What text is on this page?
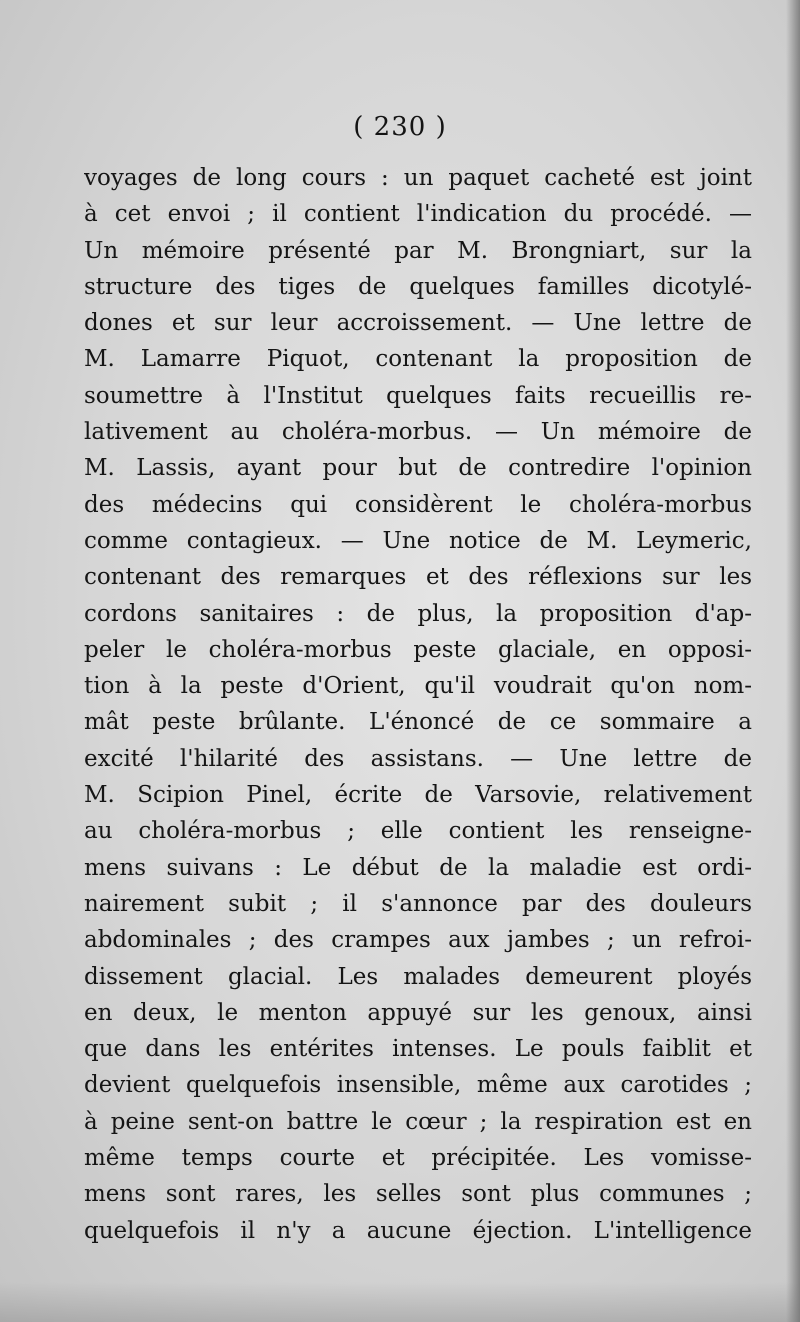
( 230 )
voyages de long cours : un paquet cacheté est joint
à cet envoi ; il contient l'indication du procédé. —
Un mémoire présenté par M. Brongniart, sur la
structure des tiges de quelques familles dicotylé-
dones et sur leur accroissement. — Une lettre de
M. Lamarre Piquot, contenant la proposition de
soumettre à l'Institut quelques faits recueillis re-
lativement au choléra-morbus. — Un mémoire de
M. Lassis, ayant pour but de contredire l'opinion
des médecins qui considèrent le choléra-morbus
comme contagieux. — Une notice de M. Leymeric,
contenant des remarques et des réflexions sur les
cordons sanitaires : de plus, la proposition d'ap-
peler le choléra-morbus peste glaciale, en opposi-
tion à la peste d'Orient, qu'il voudrait qu'on nom-
mât peste brûlante. L'énoncé de ce sommaire a
excité l'hilarité des assistans. — Une lettre de
M. Scipion Pinel, écrite de Varsovie, relativement
au choléra-morbus ; elle contient les renseigne-
mens suivans : Le début de la maladie est ordi-
nairement subit ; il s'annonce par des douleurs
abdominales ; des crampes aux jambes ; un refroi-
dissement glacial. Les malades demeurent ployés
en deux, le menton appuyé sur les genoux, ainsi
que dans les entérites intenses. Le pouls faiblit et
devient quelquefois insensible, même aux carotides ;
à peine sent-on battre le cœur ; la respiration est en
même temps courte et précipitée. Les vomisse-
mens sont rares, les selles sont plus communes ;
quelquefois il n'y a aucune éjection. L'intelligence
